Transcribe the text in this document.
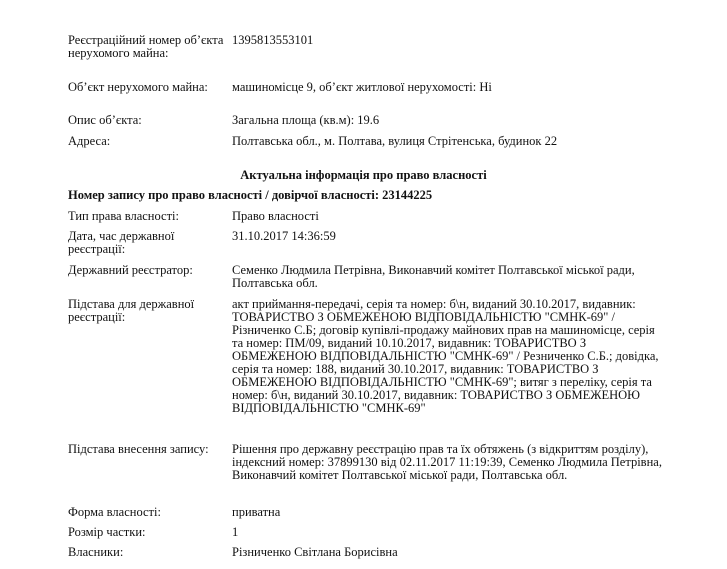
Реєстраційний номер об’єкта нерухомого майна:
1395813553101
Об’єкт нерухомого майна:	машиномісце 9, об’єкт житлової нерухомості: Ні
Опис об’єкта:	Загальна площа (кв.м): 19.6
Адреса:	Полтавська обл., м. Полтава, вулиця Стрітенська, будинок 22
Актуальна інформація про право власності
Номер запису про право власності / довірчої власності: 23144225
Тип права власності:	Право власності
Дата, час державної реєстрації:
31.10.2017 14:36:59
Державний реєстратор:	Семенко Людмила Петрівна, Виконавчий комітет Полтавської міської ради, Полтавська обл.
Підстава для державної реєстрації:
акт приймання-передачі, серія та номер: б\н, виданий 30.10.2017, видавник: ТОВАРИСТВО З ОБМЕЖЕНОЮ ВІДПОВІДАЛЬНІСТЮ "СМНК-69" / Різниченко С.Б; договір купівлі-продажу майнових прав на машиномісце, серія та номер: ПМ/09, виданий 10.10.2017, видавник: ТОВАРИСТВО З ОБМЕЖЕНОЮ ВІДПОВІДАЛЬНІСТЮ "СМНК-69" / Резниченко С.Б.; довідка, серія та номер: 188, виданий 30.10.2017, видавник: ТОВАРИСТВО З ОБМЕЖЕНОЮ ВІДПОВІДАЛЬНІСТЮ "СМНК-69"; витяг з переліку, серія та номер: б\н, виданий 30.10.2017, видавник: ТОВАРИСТВО З ОБМЕЖЕНОЮ ВІДПОВІДАЛЬНІСТЮ "СМНК-69"
Підстава внесення запису:	Рішення про державну реєстрацію прав та їх обтяжень (з відкриттям розділу), індексний номер: 37899130 від 02.11.2017 11:19:39, Семенко Людмила Петрівна, Виконавчий комітет Полтавської міської ради, Полтавська обл.
Форма власності:	приватна
Розмір частки:	1
Власники:	Різниченко Світлана Борисівна
